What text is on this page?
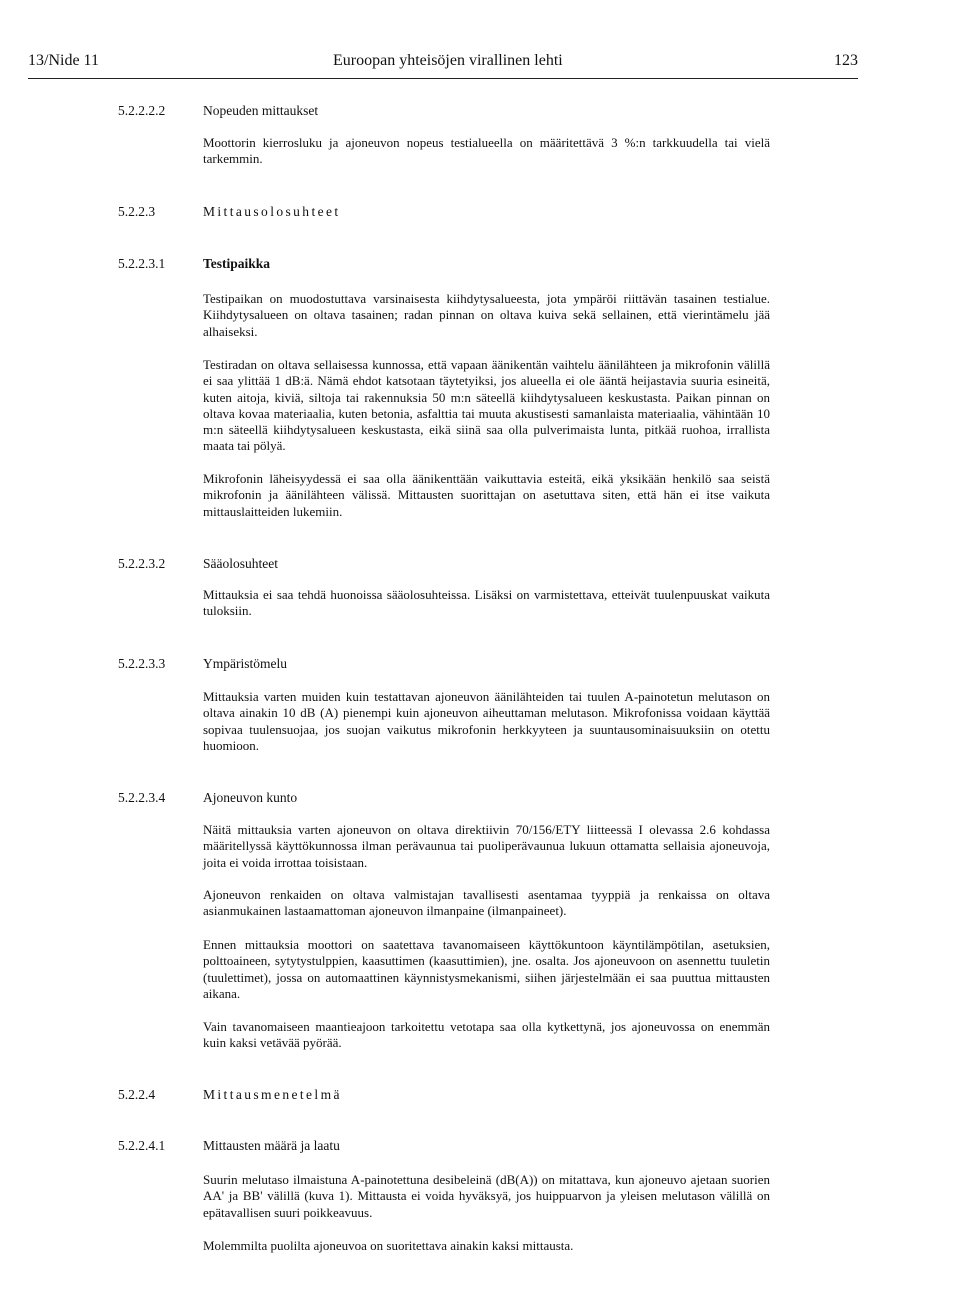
13/Nide 11	Euroopan yhteisöjen virallinen lehti	123
5.2.2.2.2	Nopeuden mittaukset
Moottorin kierrosluku ja ajoneuvon nopeus testialueella on määritettävä 3 %:n tarkkuudella tai vielä tarkemmin.
5.2.2.3	Mittausolosuhteet
5.2.2.3.1	Testipaikka
Testipaikan on muodostuttava varsinaisesta kiihdytysalueesta, jota ympäröi riittävän tasainen testialue. Kiihdytysalueen on oltava tasainen; radan pinnan on oltava kuiva sekä sellainen, että vierintämelu jää alhaiseksi.
Testiradan on oltava sellaisessa kunnossa, että vapaan äänikentän vaihtelu äänilähteen ja mikrofonin välillä ei saa ylittää 1 dB:ä. Nämä ehdot katsotaan täytetyiksi, jos alueella ei ole ääntä heijastavia suuria esineitä, kuten aitoja, kiviä, siltoja tai rakennuksia 50 m:n säteellä kiihdytysalueen keskustasta. Paikan pinnan on oltava kovaa materiaalia, kuten betonia, asfalttia tai muuta akustisesti samanlaista materiaalia, vähintään 10 m:n säteellä kiihdytysalueen keskustasta, eikä siinä saa olla pulverimaista lunta, pitkää ruohoa, irrallista maata tai pölyä.
Mikrofonin läheisyydessä ei saa olla äänikenttään vaikuttavia esteitä, eikä yksikään henkilö saa seistä mikrofonin ja äänilähteen välissä. Mittausten suorittajan on asetuttava siten, että hän ei itse vaikuta mittauslaitteiden lukemiin.
5.2.2.3.2	Sääolosuhteet
Mittauksia ei saa tehdä huonoissa sääolosuhteissa. Lisäksi on varmistettava, etteivät tuulenpuuskat vaikuta tuloksiin.
5.2.2.3.3	Ympäristömelu
Mittauksia varten muiden kuin testattavan ajoneuvon äänilähteiden tai tuulen A-painotetun melutason on oltava ainakin 10 dB (A) pienempi kuin ajoneuvon aiheuttaman melutason. Mikrofonissa voidaan käyttää sopivaa tuulensuojaa, jos suojan vaikutus mikrofonin herkkyyteen ja suuntausominaisuuksiin on otettu huomioon.
5.2.2.3.4	Ajoneuvon kunto
Näitä mittauksia varten ajoneuvon on oltava direktiivin 70/156/ETY liitteessä I olevassa 2.6 kohdassa määritellyssä käyttökunnossa ilman perävaunua tai puoliperävaunua lukuun ottamatta sellaisia ajoneuvoja, joita ei voida irrottaa toisistaan.
Ajoneuvon renkaiden on oltava valmistajan tavallisesti asentamaa tyyppiä ja renkaissa on oltava asianmukainen lastaamattoman ajoneuvon ilmanpaine (ilmanpaineet).
Ennen mittauksia moottori on saatettava tavanomaiseen käyttökuntoon käyntilämpötilan, asetuksien, polttoaineen, sytytystulppien, kaasuttimen (kaasuttimien), jne. osalta. Jos ajoneuvoon on asennettu tuuletin (tuulettimet), jossa on automaattinen käynnistysmekanismi, siihen järjestelmään ei saa puuttua mittausten aikana.
Vain tavanomaiseen maantieajoon tarkoitettu vetotapa saa olla kytkettynä, jos ajoneuvossa on enemmän kuin kaksi vetävää pyörää.
5.2.2.4	Mittausmenetelmä
5.2.2.4.1	Mittausten määrä ja laatu
Suurin melutaso ilmaistuna A-painotettuna desibeleinä (dB(A)) on mitattava, kun ajoneuvo ajetaan suorien AA' ja BB' välillä (kuva 1). Mittausta ei voida hyväksyä, jos huippuarvon ja yleisen melutason välillä on epätavallisen suuri poikkeavuus.
Molemmilta puolilta ajoneuvoa on suoritettava ainakin kaksi mittausta.
